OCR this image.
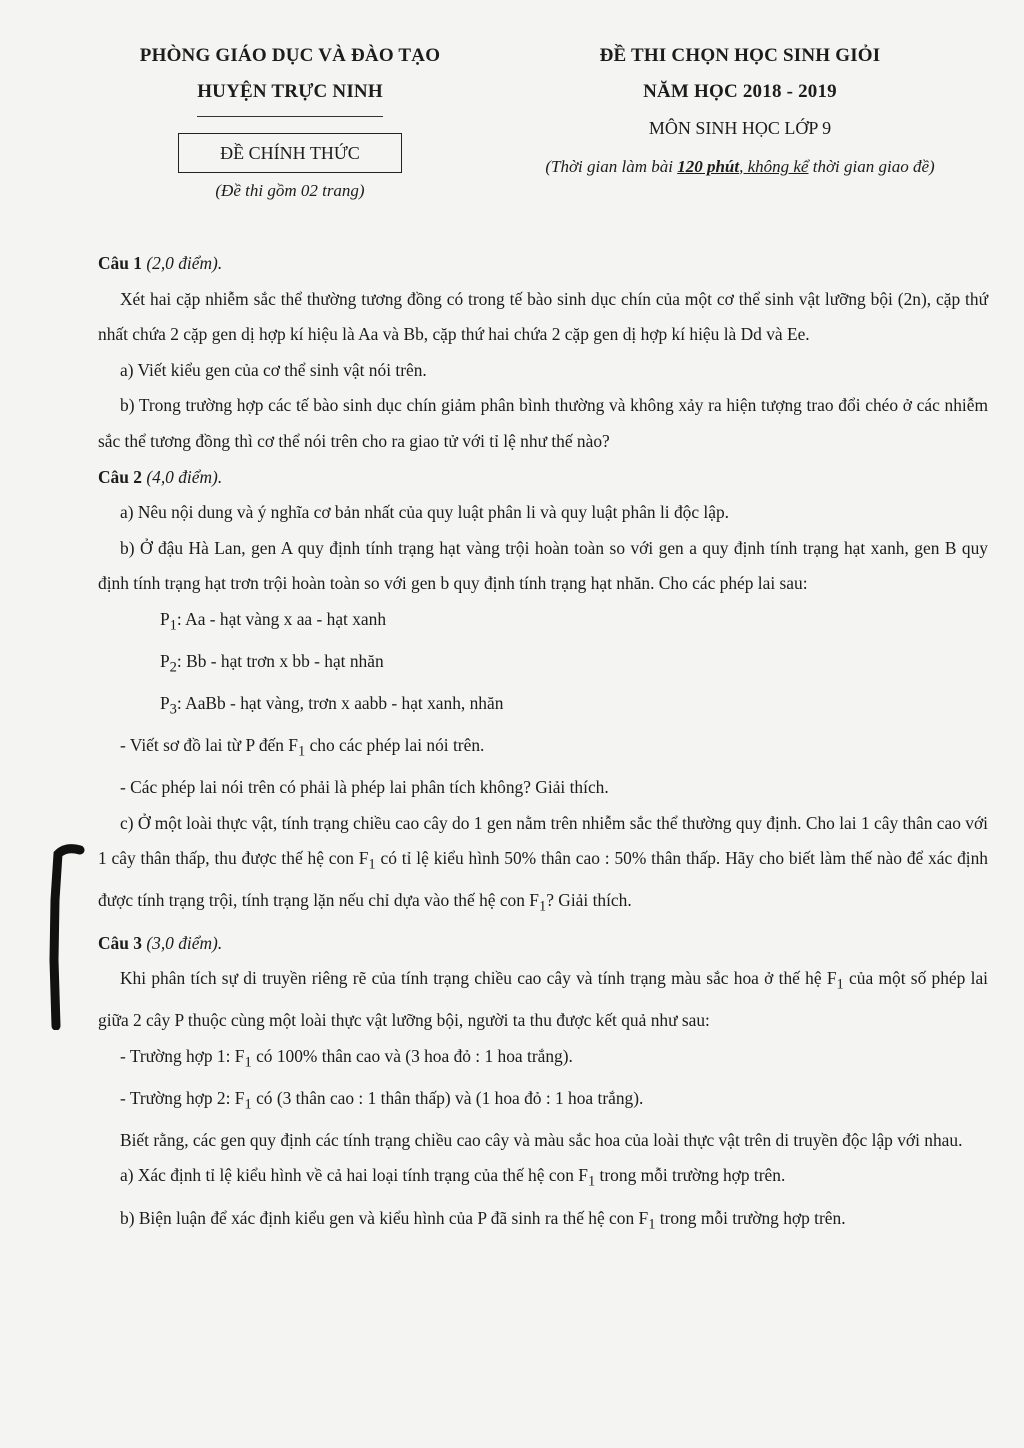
PHÒNG GIÁO DỤC VÀ ĐÀO TẠO
HUYỆN TRỰC NINH
ĐỀ CHÍNH THỨC
(Đề thi gồm 02 trang)
ĐỀ THI CHỌN HỌC SINH GIỎI
NĂM HỌC 2018 - 2019
MÔN SINH HỌC LỚP 9
(Thời gian làm bài 120 phút, không kể thời gian giao đề)
Câu 1 (2,0 điểm).

Xét hai cặp nhiễm sắc thể thường tương đồng có trong tế bào sinh dục chín của một cơ thể sinh vật lưỡng bội (2n), cặp thứ nhất chứa 2 cặp gen dị hợp kí hiệu là Aa và Bb, cặp thứ hai chứa 2 cặp gen dị hợp kí hiệu là Dd và Ee.

a) Viết kiểu gen của cơ thể sinh vật nói trên.

b) Trong trường hợp các tế bào sinh dục chín giảm phân bình thường và không xảy ra hiện tượng trao đổi chéo ở các nhiễm sắc thể tương đồng thì cơ thể nói trên cho ra giao tử với tỉ lệ như thế nào?

Câu 2 (4,0 điểm).

a) Nêu nội dung và ý nghĩa cơ bản nhất của quy luật phân li và quy luật phân li độc lập.

b) Ở đậu Hà Lan, gen A quy định tính trạng hạt vàng trội hoàn toàn so với gen a quy định tính trạng hạt xanh, gen B quy định tính trạng hạt trơn trội hoàn toàn so với gen b quy định tính trạng hạt nhăn. Cho các phép lai sau:

$P_1$: Aa - hạt vàng x aa - hạt xanh

$P_2$: Bb - hạt trơn x bb - hạt nhăn

$P_3$: AaBb - hạt vàng, trơn x aabb - hạt xanh, nhăn

- Viết sơ đồ lai từ P đến $F_1$ cho các phép lai nói trên.

- Các phép lai nói trên có phải là phép lai phân tích không? Giải thích.

c) Ở một loài thực vật, tính trạng chiều cao cây do 1 gen nằm trên nhiễm sắc thể thường quy định. Cho lai 1 cây thân cao với 1 cây thân thấp, thu được thế hệ con $F_1$ có tỉ lệ kiểu hình 50% thân cao : 50% thân thấp. Hãy cho biết làm thế nào để xác định được tính trạng trội, tính trạng lặn nếu chỉ dựa vào thế hệ con $F_1$? Giải thích.

Câu 3 (3,0 điểm).

Khi phân tích sự di truyền riêng rẽ của tính trạng chiều cao cây và tính trạng màu sắc hoa ở thế hệ $F_1$ của một số phép lai giữa 2 cây P thuộc cùng một loài thực vật lưỡng bội, người ta thu được kết quả như sau:

- Trường hợp 1: $F_1$ có 100% thân cao và (3 hoa đỏ : 1 hoa trắng).

- Trường hợp 2: $F_1$ có (3 thân cao : 1 thân thấp) và (1 hoa đỏ : 1 hoa trắng).

Biết rằng, các gen quy định các tính trạng chiều cao cây và màu sắc hoa của loài thực vật trên di truyền độc lập với nhau.

a) Xác định tỉ lệ kiểu hình về cả hai loại tính trạng của thế hệ con $F_1$ trong mỗi trường hợp trên.

b) Biện luận để xác định kiểu gen và kiểu hình của P đã sinh ra thế hệ con $F_1$ trong mỗi trường hợp trên.
